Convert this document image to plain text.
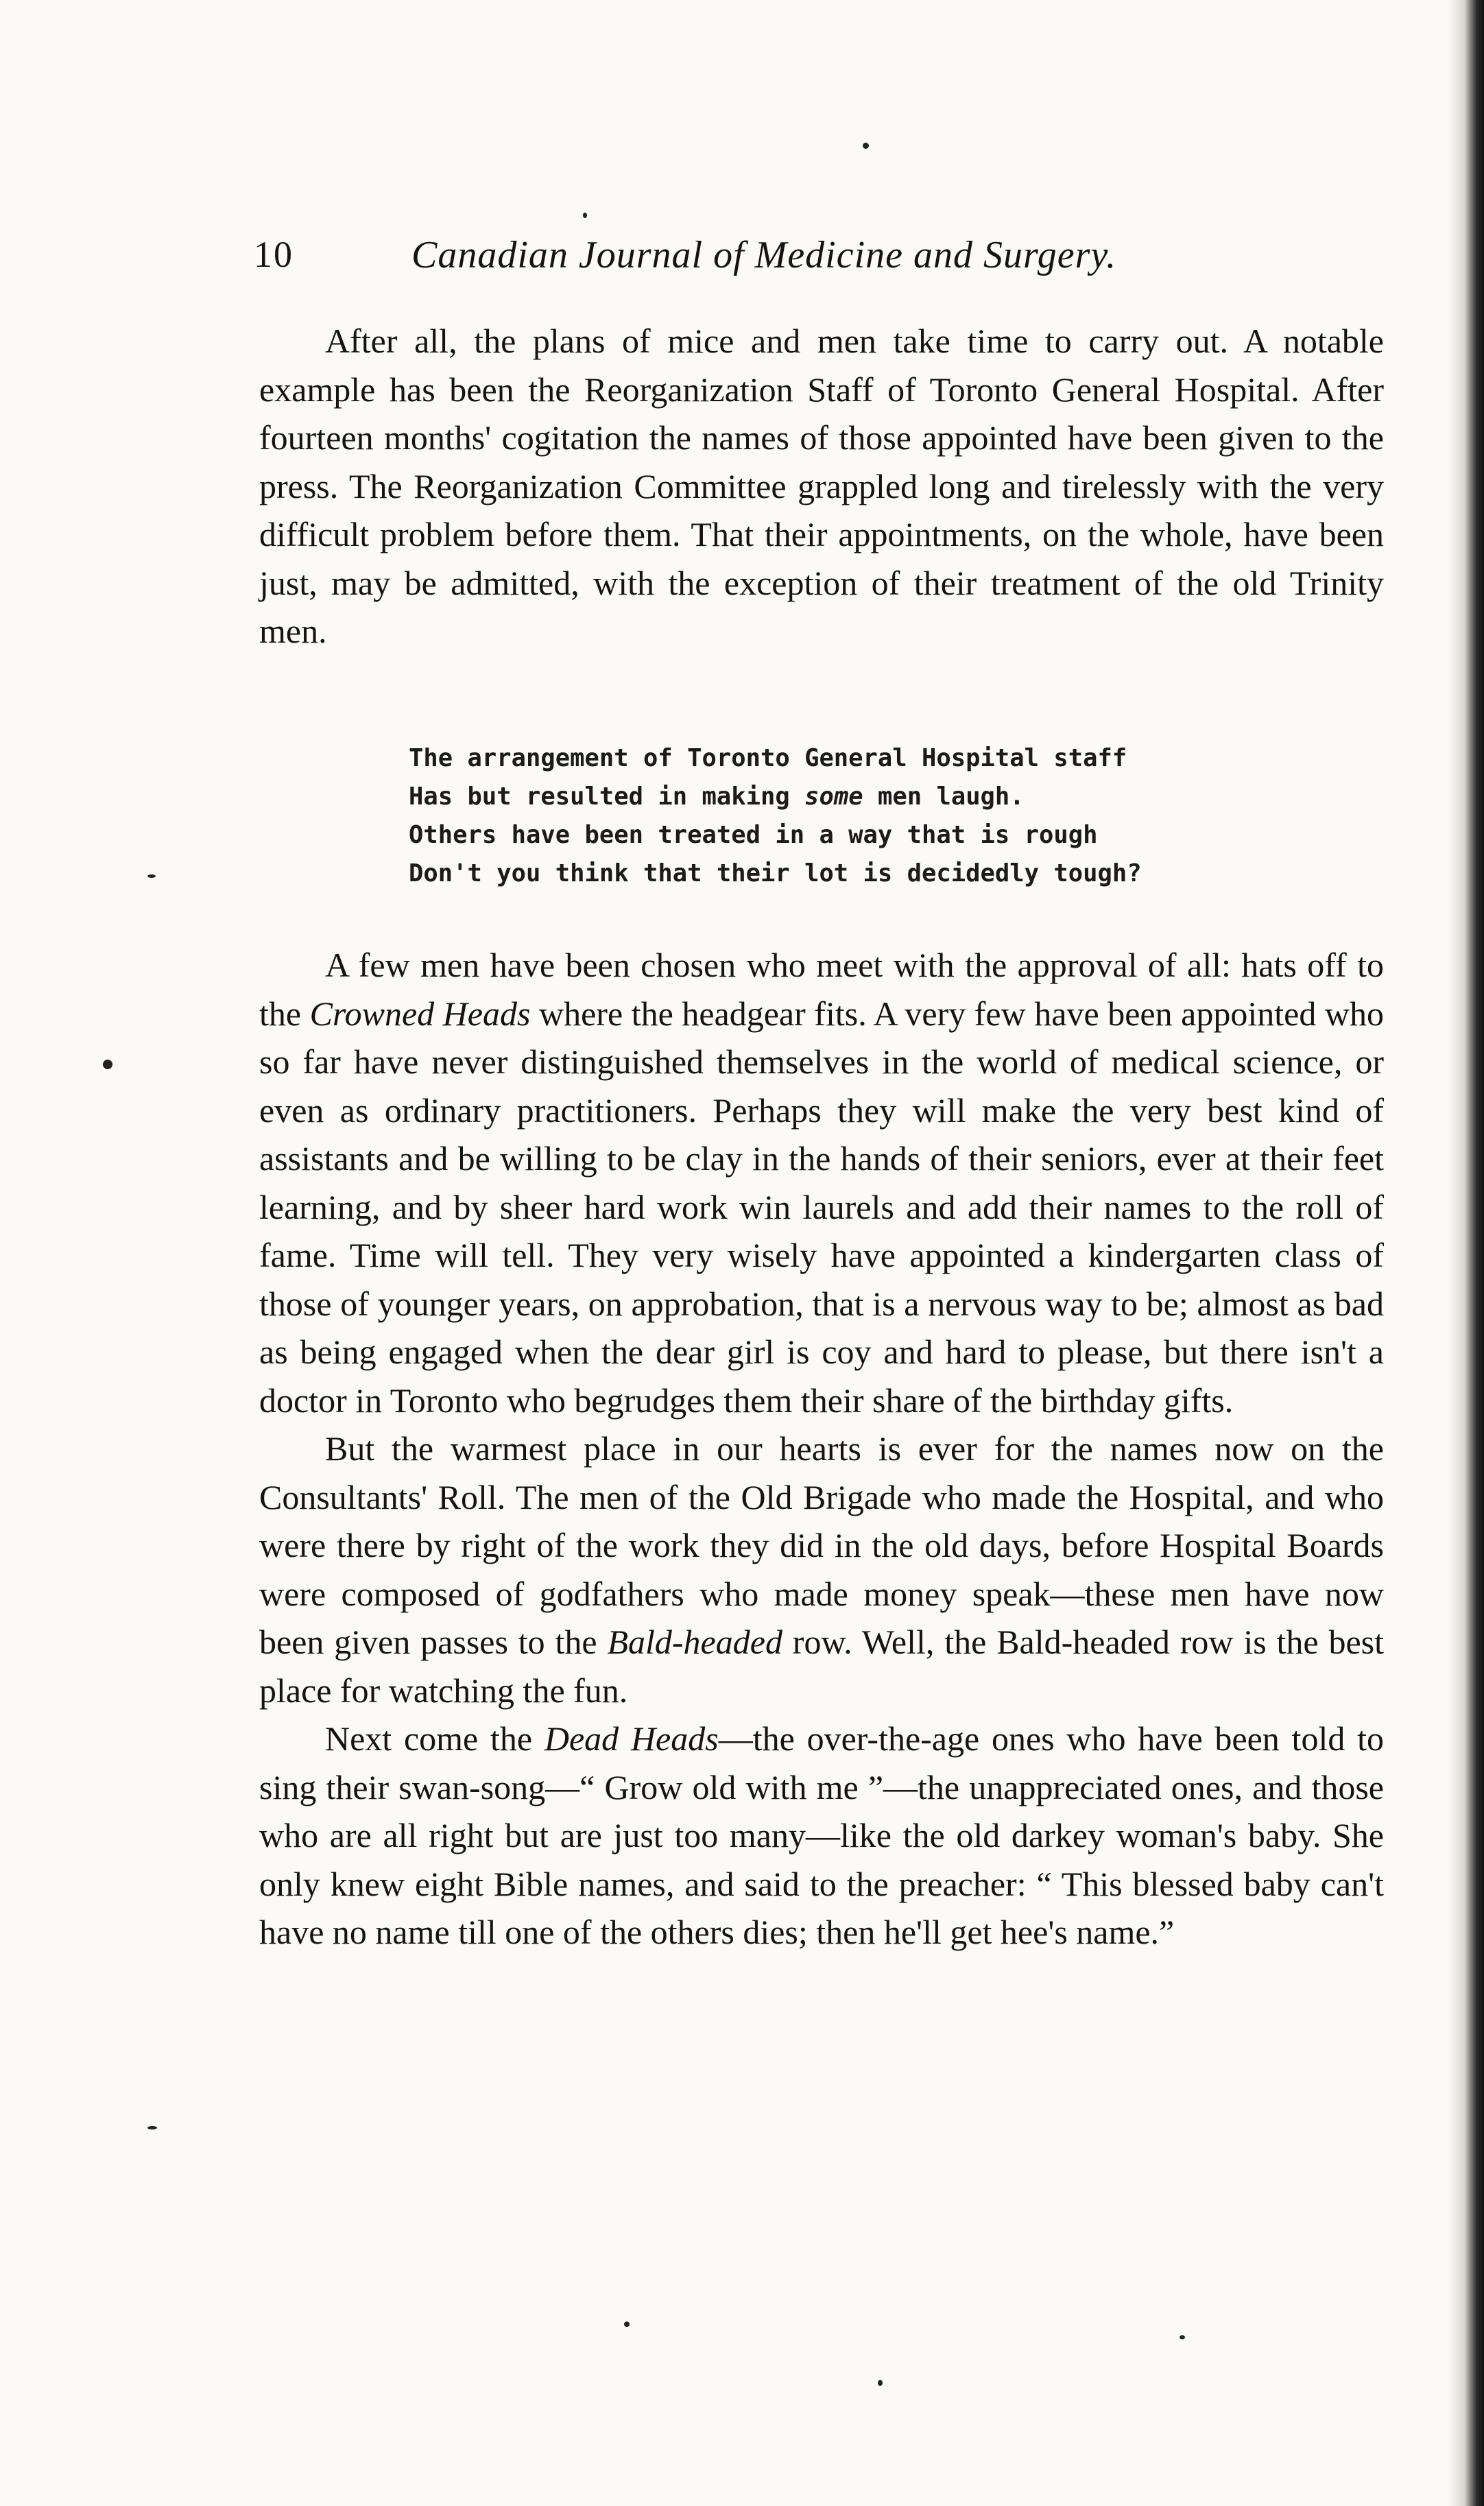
10	Canadian Journal of Medicine and Surgery.

After all, the plans of mice and men take time to carry out. A notable example has been the Reorganization Staff of Toronto General Hospital. After fourteen months' cogitation the names of those appointed have been given to the press. The Reorganization Committee grappled long and tirelessly with the very difficult problem before them. That their appointments, on the whole, have been just, may be admitted, with the exception of their treatment of the old Trinity men.

The arrangement of Toronto General Hospital staff
Has but resulted in making some men laugh.
Others have been treated in a way that is rough
Don't you think that their lot is decidedly tough?

A few men have been chosen who meet with the approval of all: hats off to the Crowned Heads where the headgear fits. A very few have been appointed who so far have never distinguished themselves in the world of medical science, or even as ordinary practitioners. Perhaps they will make the very best kind of assistants and be willing to be clay in the hands of their seniors, ever at their feet learning, and by sheer hard work win laurels and add their names to the roll of fame. Time will tell. They very wisely have appointed a kindergarten class of those of younger years, on approbation, that is a nervous way to be; almost as bad as being engaged when the dear girl is coy and hard to please, but there isn't a doctor in Toronto who begrudges them their share of the birthday gifts.

But the warmest place in our hearts is ever for the names now on the Consultants' Roll. The men of the Old Brigade who made the Hospital, and who were there by right of the work they did in the old days, before Hospital Boards were composed of godfathers who made money speak—these men have now been given passes to the Bald-headed row. Well, the Bald-headed row is the best place for watching the fun.

Next come the Dead Heads—the over-the-age ones who have been told to sing their swan-song—“ Grow old with me ”—the unappreciated ones, and those who are all right but are just too many—like the old darkey woman's baby. She only knew eight Bible names, and said to the preacher: “ This blessed baby can't have no name till one of the others dies; then he'll get hee's name.”
